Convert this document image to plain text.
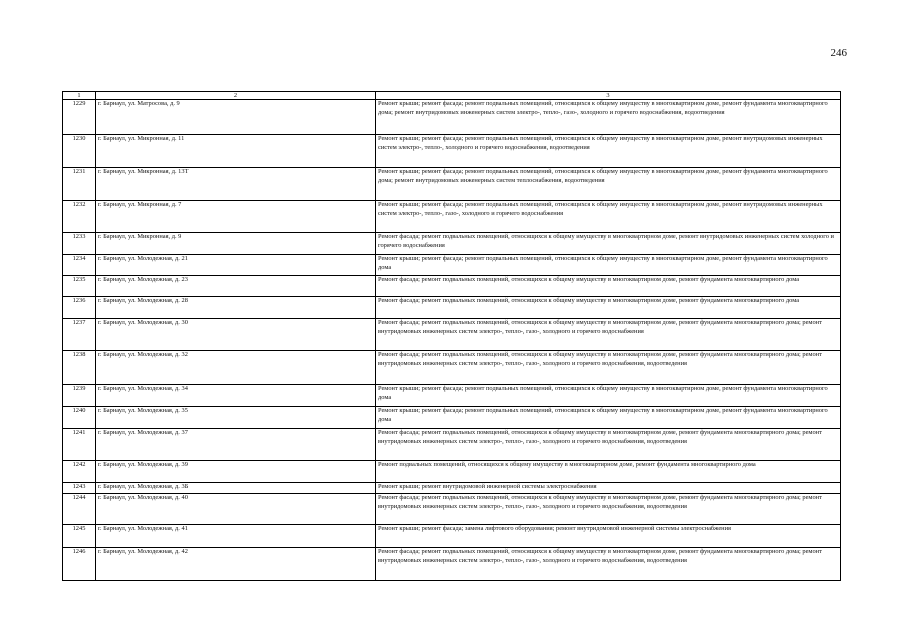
246
1	2	3
1229	г. Барнаул, ул. Матросова, д. 9	Ремонт крыши; ремонт фасада; ремонт подвальных помещений, относящихся к общему имуществу в многоквартирном доме, ремонт фундамента многоквартирного дома; ремонт внутридомовых инженерных систем электро-, тепло-, газо-, холодного и горячего водоснабжения, водоотведения
1230	г. Барнаул, ул. Микронная, д. 11	Ремонт крыши; ремонт фасада; ремонт подвальных помещений, относящихся к общему имуществу в многоквартирном доме, ремонт внутридомовых инженерных систем электро-, тепло-, холодного и горячего водоснабжения, водоотведения
1231	г. Барнаул, ул. Микронная, д. 13Т	Ремонт крыши; ремонт фасада; ремонт подвальных помещений, относящихся к общему имуществу в многоквартирном доме, ремонт фундамента многоквартирного дома; ремонт внутридомовых инженерных систем теплоснабжения, водоотведения
1232	г. Барнаул, ул. Микронная, д. 7	Ремонт крыши; ремонт фасада; ремонт подвальных помещений, относящихся к общему имуществу в многоквартирном доме, ремонт внутридомовых инженерных систем электро-, тепло-, газо-, холодного и горячего водоснабжения
1233	г. Барнаул, ул. Микронная, д. 9	Ремонт фасада; ремонт подвальных помещений, относящихся к общему имуществу в многоквартирном доме, ремонт внутридомовых инженерных систем холодного и горячего водоснабжения
1234	г. Барнаул, ул. Молодежная, д. 21	Ремонт крыши; ремонт фасада; ремонт подвальных помещений, относящихся к общему имуществу в многоквартирном доме, ремонт фундамента многоквартирного дома
1235	г. Барнаул, ул. Молодежная, д. 23	Ремонт фасада; ремонт подвальных помещений, относящихся к общему имуществу в многоквартирном доме, ремонт фундамента многоквартирного дома
1236	г. Барнаул, ул. Молодежная, д. 28	Ремонт фасада; ремонт подвальных помещений, относящихся к общему имуществу в многоквартирном доме, ремонт фундамента многоквартирного дома
1237	г. Барнаул, ул. Молодежная, д. 30	Ремонт фасада; ремонт подвальных помещений, относящихся к общему имуществу в многоквартирном доме, ремонт фундамента многоквартирного дома; ремонт внутридомовых инженерных систем электро-, тепло-, газо-, холодного и горячего водоснабжения
1238	г. Барнаул, ул. Молодежная, д. 32	Ремонт фасада; ремонт подвальных помещений, относящихся к общему имуществу в многоквартирном доме, ремонт фундамента многоквартирного дома; ремонт внутридомовых инженерных систем электро-, тепло-, газо-, холодного и горячего водоснабжения, водоотведения
1239	г. Барнаул, ул. Молодежная, д. 34	Ремонт крыши; ремонт фасада; ремонт подвальных помещений, относящихся к общему имуществу в многоквартирном доме, ремонт фундамента многоквартирного дома
1240	г. Барнаул, ул. Молодежная, д. 35	Ремонт крыши; ремонт фасада; ремонт подвальных помещений, относящихся к общему имуществу в многоквартирном доме, ремонт фундамента многоквартирного дома
1241	г. Барнаул, ул. Молодежная, д. 37	Ремонт фасада; ремонт подвальных помещений, относящихся к общему имуществу в многоквартирном доме, ремонт фундамента многоквартирного дома; ремонт внутридомовых инженерных систем электро-, тепло-, газо-, холодного и горячего водоснабжения, водоотведения
1242	г. Барнаул, ул. Молодежная, д. 39	Ремонт подвальных помещений, относящихся к общему имуществу в многоквартирном доме, ремонт фундамента многоквартирного дома
1243	г. Барнаул, ул. Молодежная, д. 3Б	Ремонт крыши; ремонт внутридомовой инженерной системы электроснабжения
1244	г. Барнаул, ул. Молодежная, д. 40	Ремонт фасада; ремонт подвальных помещений, относящихся к общему имуществу в многоквартирном доме, ремонт фундамента многоквартирного дома; ремонт внутридомовых инженерных систем электро-, тепло-, газо-, холодного и горячего водоснабжения, водоотведения
1245	г. Барнаул, ул. Молодежная, д. 41	Ремонт крыши; ремонт фасада; замена лифтового оборудования; ремонт внутридомовой инженерной системы электроснабжения
1246	г. Барнаул, ул. Молодежная, д. 42	Ремонт фасада; ремонт подвальных помещений, относящихся к общему имуществу в многоквартирном доме, ремонт фундамента многоквартирного дома; ремонт внутридомовых инженерных систем электро-, тепло-, газо-, холодного и горячего водоснабжения, водоотведения
